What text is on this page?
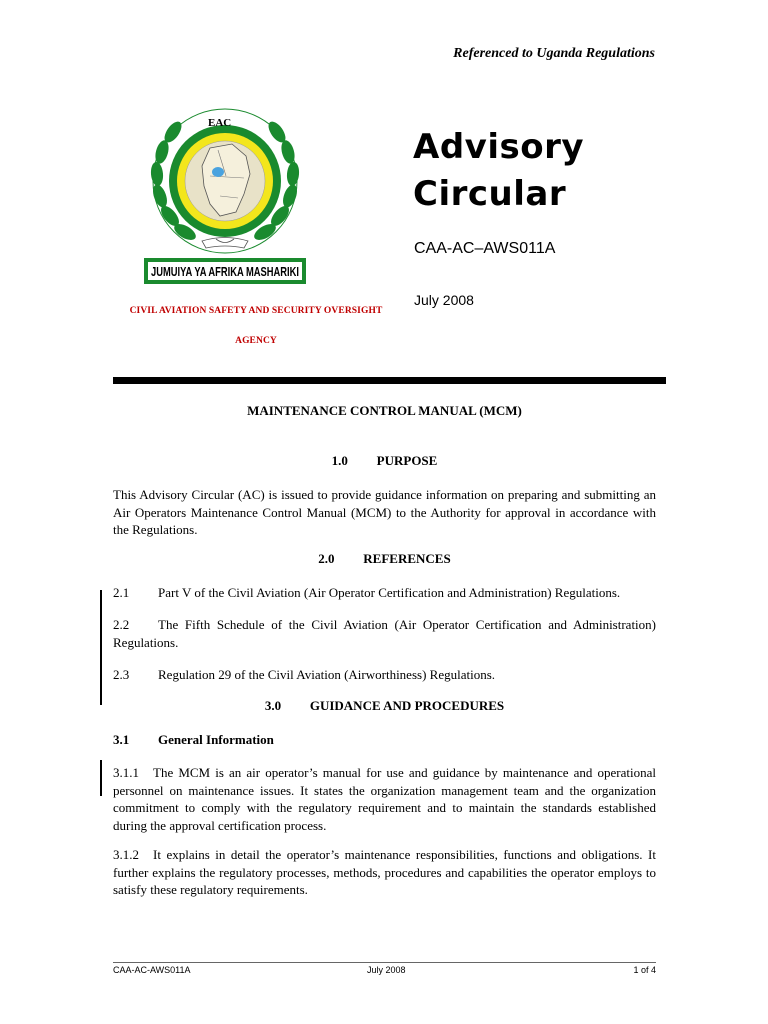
Referenced to Uganda Regulations
EAC
JUMUIYA YA AFRIKA MASHARIKI
CIVIL AVIATION SAFETY AND SECURITY OVERSIGHT
AGENCY
Advisory
Circular
CAA-AC–AWS011A
July 2008
MAINTENANCE CONTROL MANUAL (MCM)
1.0 PURPOSE
This Advisory Circular (AC) is issued to provide guidance information on preparing and submitting an Air Operators Maintenance Control Manual (MCM) to the Authority for approval in accordance with the Regulations.
2.0 REFERENCES
2.1 Part V of the Civil Aviation (Air Operator Certification and Administration) Regulations.
2.2 The Fifth Schedule of the Civil Aviation (Air Operator Certification and Administration) Regulations.
2.3 Regulation 29 of the Civil Aviation (Airworthiness) Regulations.
3.0 GUIDANCE AND PROCEDURES
3.1 General Information
3.1.1 The MCM is an air operator’s manual for use and guidance by maintenance and operational personnel on maintenance issues. It states the organization management team and the organization commitment to comply with the regulatory requirement and to maintain the standards established during the approval certification process.
3.1.2 It explains in detail the operator’s maintenance responsibilities, functions and obligations. It further explains the regulatory processes, methods, procedures and capabilities the operator employs to satisfy these regulatory requirements.
CAA-AC-AWS011A	July 2008	1 of 4
